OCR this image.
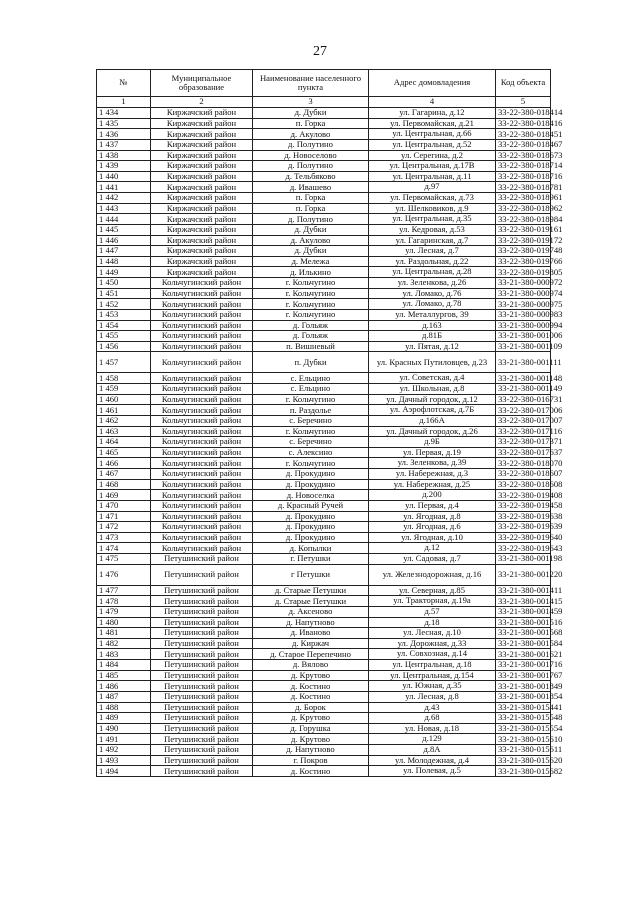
27
№	Муниципальное образование	Наименование населенного пункта	Адрес домовладения	Код объекта
1	2	3	4	5
1 434	Киржачский район	д. Дубки	ул. Гагарина, д.12	33-22-380-018414
1 435	Киржачский район	п. Горка	ул. Первомайская, д.21	33-22-380-018416
1 436	Киржачский район	д. Акулово	ул. Центральная, д.66	33-22-380-018451
1 437	Киржачский район	д. Полутино	ул. Центральная, д.52	33-22-380-018467
1 438	Киржачский район	д. Новоселово	ул. Серегина, д.2	33-22-380-018673
1 439	Киржачский район	д. Полутино	ул. Центральная, д.17В	33-22-380-018714
1 440	Киржачский район	д. Тельбяково	ул. Центральная, д.11	33-22-380-018716
1 441	Киржачский район	д. Ивашево	д.97	33-22-380-018781
1 442	Киржачский район	п. Горка	ул. Первомайская, д.73	33-22-380-018961
1 443	Киржачский район	п. Горка	ул. Шелковиков, д.9	33-22-380-018962
1 444	Киржачский район	д. Полутино	ул. Центральная, д.35	33-22-380-018984
1 445	Киржачский район	д. Дубки	ул. Кедровая, д.53	33-22-380-019161
1 446	Киржачский район	д. Акулово	ул. Гагаринская, д.7	33-22-380-019172
1 447	Киржачский район	д. Дубки	ул. Лесная, д.7	33-22-380-019748
1 448	Киржачский район	д. Мележа	ул. Раздольная, д.22	33-22-380-019766
1 449	Киржачский район	д. Илькино	ул. Центральная, д.28	33-22-380-019805
1 450	Кольчугинский район	г. Кольчугино	ул. Зеленкова, д.26	33-21-380-000972
1 451	Кольчугинский район	г. Кольчугино	ул. Ломако, д.76	33-21-380-000974
1 452	Кольчугинский район	г. Кольчугино	ул. Ломако, д.78	33-21-380-000975
1 453	Кольчугинский район	г. Кольчугино	ул. Металлургов, 39	33-21-380-000983
1 454	Кольчугинский район	д. Гольяж	д.163	33-21-380-000994
1 455	Кольчугинский район	д. Гольяж	д.81Б	33-21-380-001006
1 456	Кольчугинский район	п. Вишневый	ул. Пятая, д.12	33-21-380-001109
1 457	Кольчугинский район	п. Дубки	ул. Красных Путиловцев, д.23	33-21-380-001111
1 458	Кольчугинский район	с. Ельцино	ул. Советская, д.4	33-21-380-001148
1 459	Кольчугинский район	с. Ельцино	ул. Школьная, д.8	33-21-380-001149
1 460	Кольчугинский район	г. Кольчугино	ул. Дачный городок, д.12	33-22-380-016731
1 461	Кольчугинский район	п. Раздолье	ул. Аэрофлотская, д.7Б	33-22-380-017006
1 462	Кольчугинский район	с. Беречино	д.166А	33-22-380-017007
1 463	Кольчугинский район	г. Кольчугино	ул. Дачный городок, д.26	33-22-380-017116
1 464	Кольчугинский район	с. Беречино	д.9Б	33-22-380-017371
1 465	Кольчугинский район	с. Алексино	ул. Первая, д.19	33-22-380-017637
1 466	Кольчугинский район	г. Кольчугино	ул. Зеленкова, д.39	33-22-380-018070
1 467	Кольчугинский район	д. Прокудино	ул. Набережная, д.3	33-22-380-018607
1 468	Кольчугинский район	д. Прокудино	ул. Набережная, д.25	33-22-380-018608
1 469	Кольчугинский район	д. Новоселка	д.200	33-22-380-019408
1 470	Кольчугинский район	д. Красный Ручей	ул. Первая, д.4	33-22-380-019458
1 471	Кольчугинский район	д. Прокудино	ул. Ягодная, д.8	33-22-380-019638
1 472	Кольчугинский район	д. Прокудино	ул. Ягодная, д.6	33-22-380-019639
1 473	Кольчугинский район	д. Прокудино	ул. Ягодная, д.10	33-22-380-019640
1 474	Кольчугинский район	д. Копылки	д.12	33-22-380-019643
1 475	Петушинский район	г. Петушки	ул. Садовая, д.7	33-21-380-001198
1 476	Петушинский район	г Петушки	ул. Железнодорожная, д.16	33-21-380-001220
1 477	Петушинский район	д. Старые Петушки	ул. Северная, д.85	33-21-380-001411
1 478	Петушинский район	д. Старые Петушки	ул. Тракторная, д.19а	33-21-380-001415
1 479	Петушинский район	д. Аксеново	д.57	33-21-380-001459
1 480	Петушинский район	д. Напутново	д.18	33-21-380-001516
1 481	Петушинский район	д. Иваново	ул. Лесная, д.10	33-21-380-001568
1 482	Петушинский район	д. Киржач	ул. Дорожная, д.33	33-21-380-001584
1 483	Петушинский район	д. Старое Перепечино	ул. Совхозная, д.14	33-21-380-001621
1 484	Петушинский район	д. Вялово	ул. Центральная, д.18	33-21-380-001716
1 485	Петушинский район	д. Крутово	ул. Центральная, д.154	33-21-380-001767
1 486	Петушинский район	д. Костино	ул. Южная, д.35	33-21-380-001849
1 487	Петушинский район	д. Костино	ул. Лесная, д.8	33-21-380-001854
1 488	Петушинский район	д. Борок	д.43	33-21-380-015441
1 489	Петушинский район	д. Крутово	д.68	33-21-380-015548
1 490	Петушинский район	д. Горушка	ул. Новая, д.18	33-21-380-015554
1 491	Петушинский район	д. Крутово	д.129	33-21-380-015610
1 492	Петушинский район	д. Напутново	д.8А	33-21-380-015611
1 493	Петушинский район	г. Покров	ул. Молодежная, д.4	33-21-380-015620
1 494	Петушинский район	д. Костино	ул. Полевая, д.5	33-21-380-015682
